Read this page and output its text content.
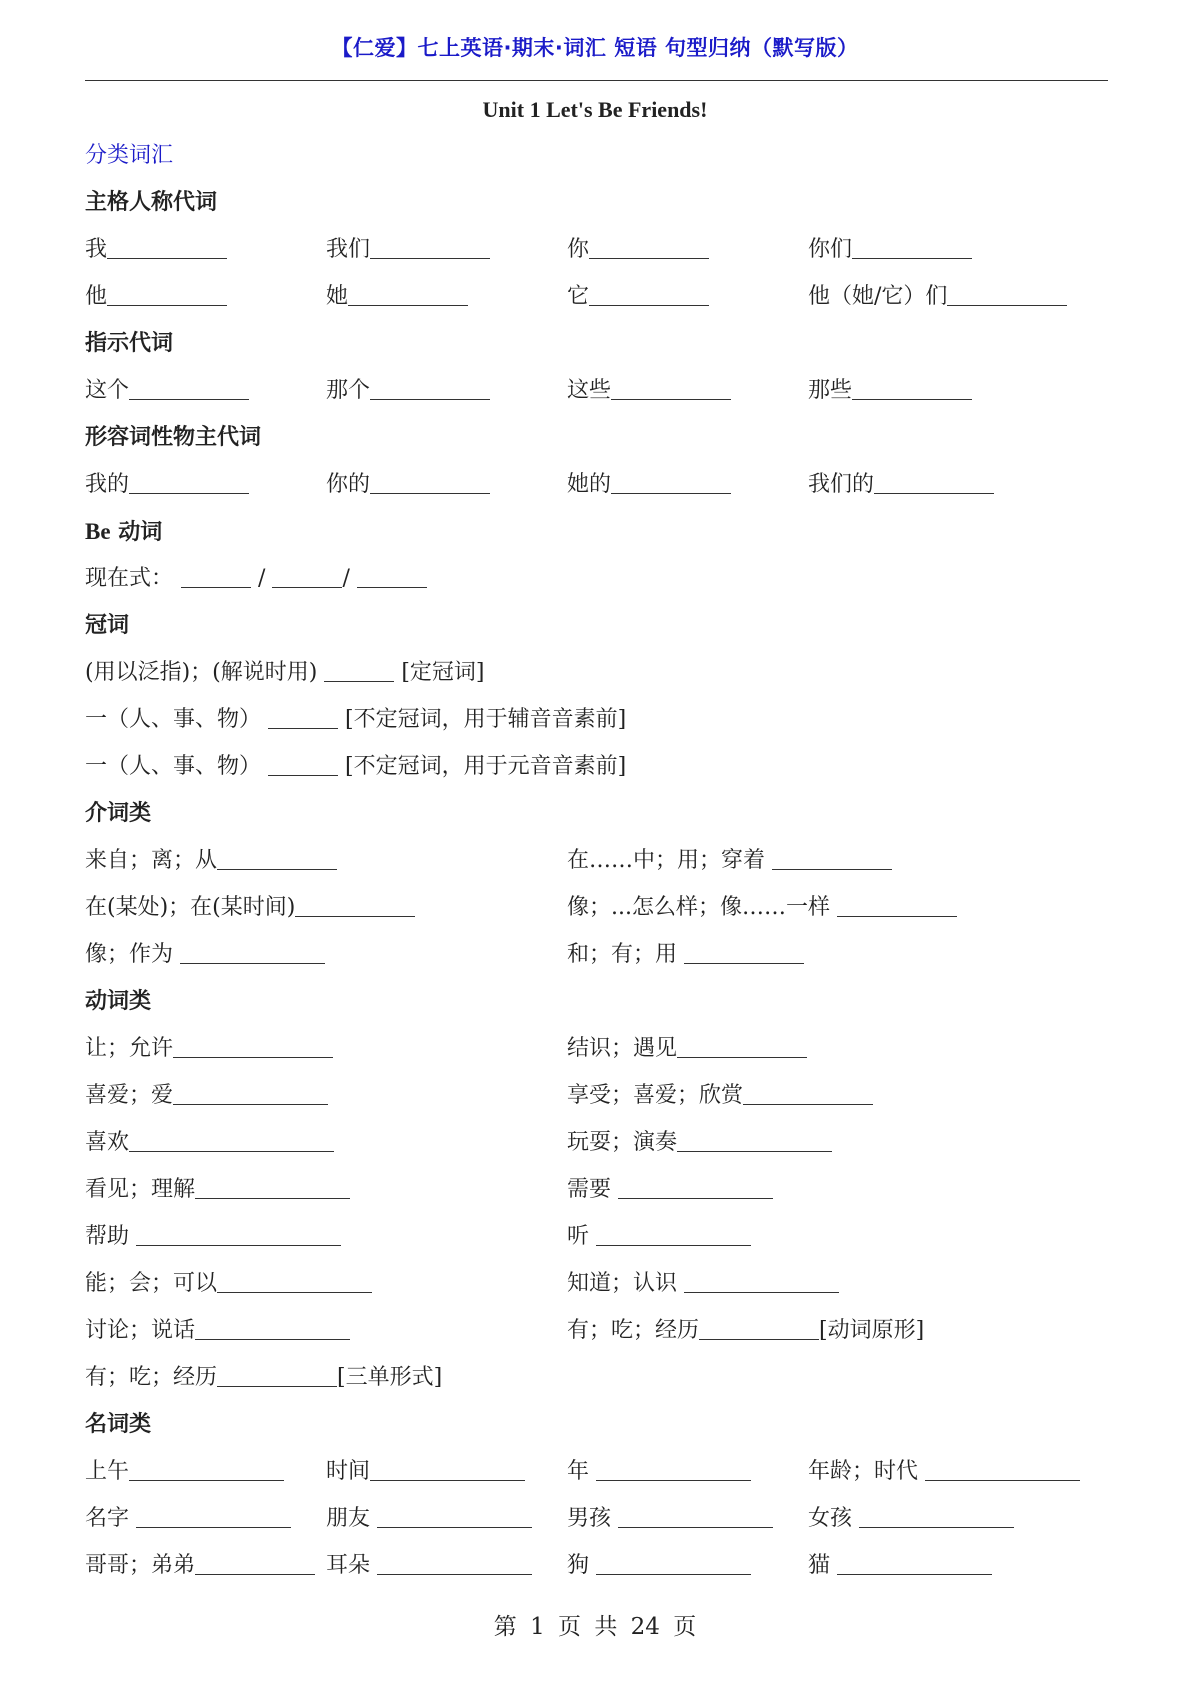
【仁爱】七上英语·期末·词汇 短语 句型归纳（默写版）
Unit 1 Let's Be Friends!
分类词汇
主格人称代词
我	我们	你	你们
他	她	它	他（她/它）们
指示代词
这个	那个	这些	那些
形容词性物主代词
我的	你的	她的	我们的
Be 动词
现在式：	/	/
冠词
(用以泛指)；(解说时用)	[定冠词]
一（人、事、物）	[不定冠词，用于辅音音素前]
一（人、事、物）	[不定冠词，用于元音音素前]
介词类
来自；离；从	在……中；用；穿着
在(某处)；在(某时间)	像；...怎么样；像……一样
像；作为	和；有；用
动词类
让；允许	结识；遇见
喜爱；爱	享受；喜爱；欣赏
喜欢	玩耍；演奏
看见；理解	需要
帮助	听
能；会；可以	知道；认识
讨论；说话	有；吃；经历	[动词原形]
有；吃；经历	[三单形式]
名词类
上午	时间	年	年龄；时代
名字	朋友	男孩	女孩
哥哥；弟弟	耳朵	狗	猫
第 1 页 共 24 页
